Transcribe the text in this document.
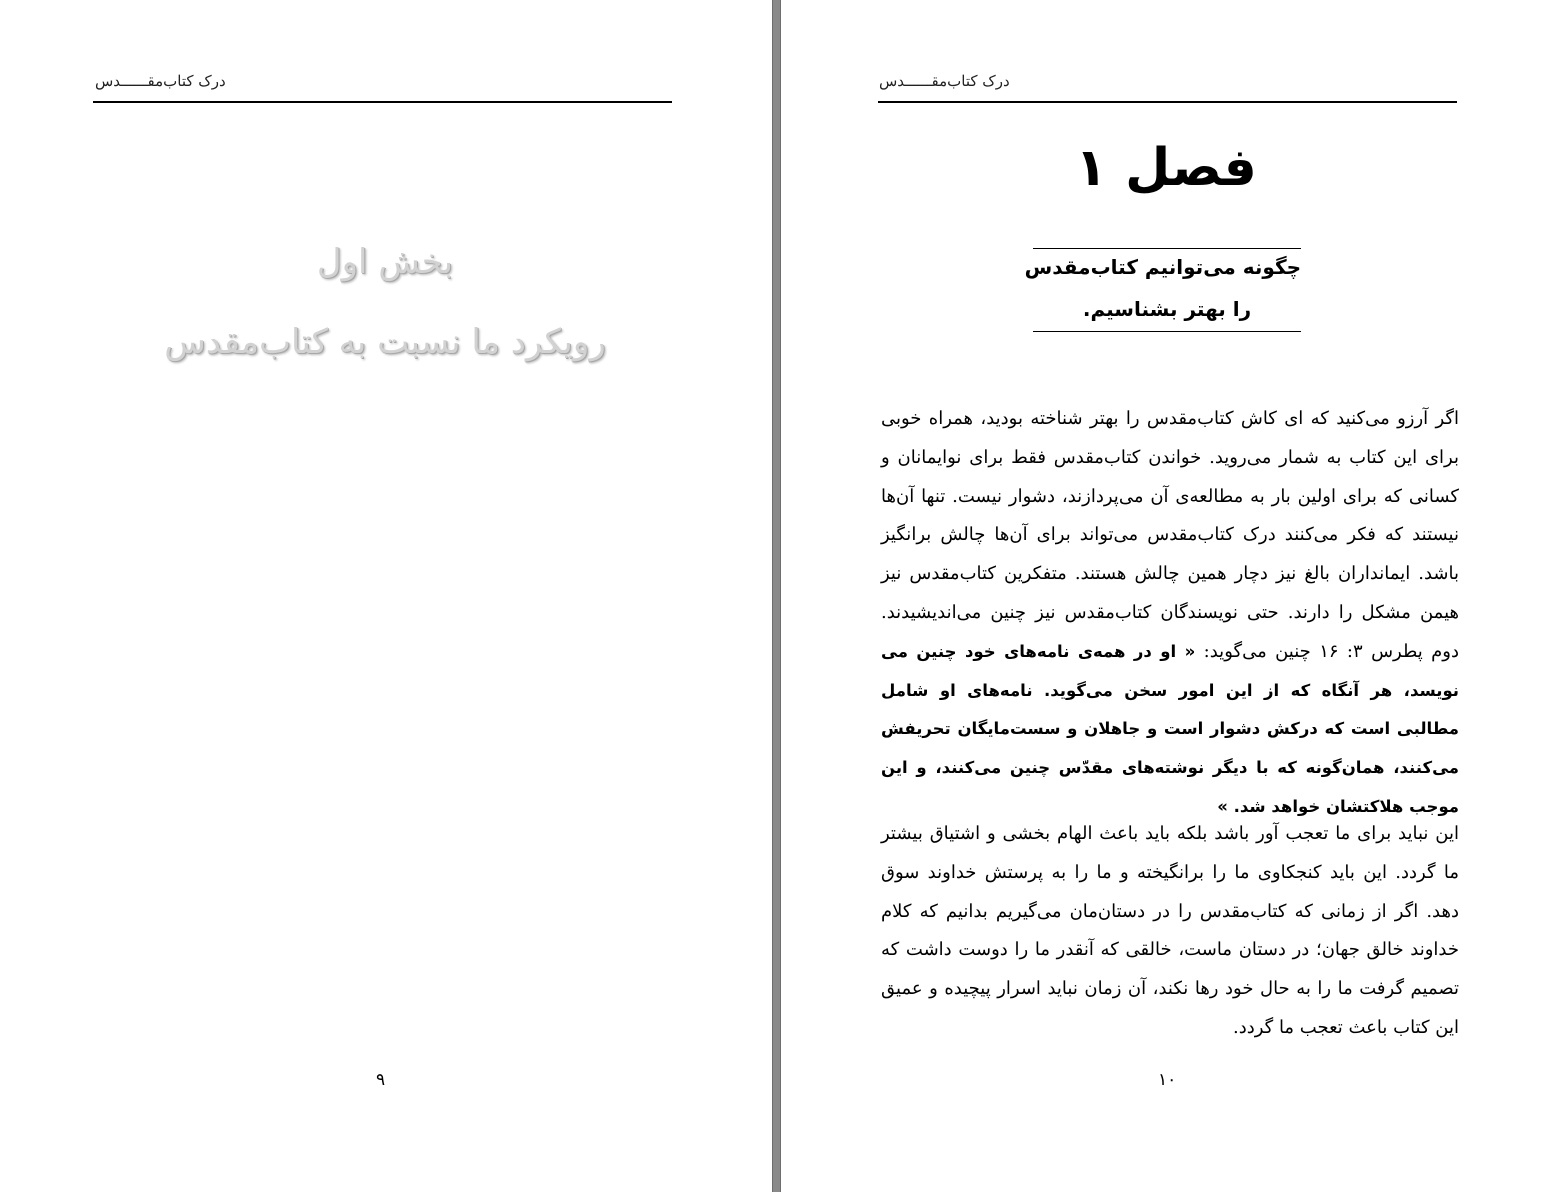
درک کتاب‌مقــــــدس
بخش اول
رویکرد ما نسبت به کتاب‌مقدس
۹
درک کتاب‌مقــــــدس
فصل ۱
چگونه می‌توانیم کتاب‌مقدس
را بهتر بشناسیم.
اگر آرزو می‌کنید که ای کاش کتاب‌مقدس را بهتر شناخته بودید، همراه خوبی برای این کتاب به شمار می‌روید. خواندن کتاب‌مقدس فقط برای نوایمانان و کسانی که برای اولین بار به مطالعه‌ی آن می‌پردازند، دشوار نیست. تنها آن‌ها نیستند که فکر می‌کنند درک کتاب‌مقدس می‌تواند برای آن‌ها چالش برانگیز باشد. ایمانداران بالغ نیز دچار همین چالش هستند. متفکرین کتاب‌مقدس نیز هیمن مشکل را دارند. حتی نویسندگان کتاب‌مقدس نیز چنین می‌اندیشیدند. دوم پطرس ۳: ۱۶ چنین می‌گوید: « او در همه‌ی نامه‌های خود چنین می نویسد، هر آنگاه که از این امور سخن می‌گوید. نامه‌های او شامل مطالبی است که درکش دشوار است و جاهلان و سست‌مایگان تحریفش می‌کنند، همان‌گونه که با دیگر نوشته‌های مقدّس چنین می‌کنند، و این موجب هلاکتشان خواهد شد. »
این نباید برای ما تعجب آور باشد بلکه باید باعث الهام بخشی و اشتیاق بیشتر ما گردد. این باید کنجکاوی ما را برانگیخته و ما را به پرستش خداوند سوق دهد. اگر از زمانی که کتاب‌مقدس را در دستان‌مان می‌گیریم بدانیم که کلام خداوند خالق جهان؛ در دستان ماست، خالقی که آنقدر ما را دوست داشت که تصمیم گرفت ما را به حال خود رها نکند، آن زمان نباید اسرار پیچیده و عمیق این کتاب باعث تعجب ما گردد.
۱۰
